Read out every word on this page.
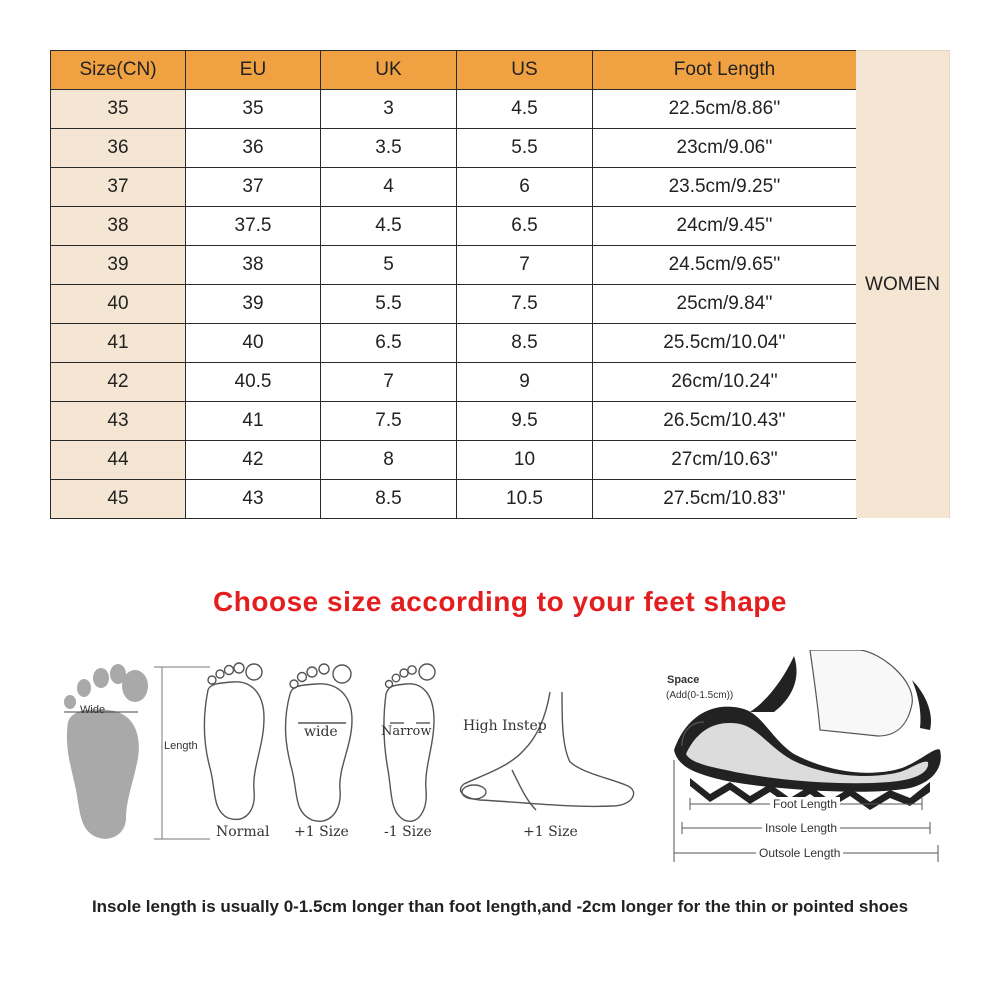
Size(CN)	EU	UK	US	Foot Length
35	35	3	4.5	22.5cm/8.86''
36	36	3.5	5.5	23cm/9.06''
37	37	4	6	23.5cm/9.25''
38	37.5	4.5	6.5	24cm/9.45''
39	38	5	7	24.5cm/9.65''
40	39	5.5	7.5	25cm/9.84''
41	40	6.5	8.5	25.5cm/10.04''
42	40.5	7	9	26cm/10.24''
43	41	7.5	9.5	26.5cm/10.43''
44	42	8	10	27cm/10.63''
45	43	8.5	10.5	27.5cm/10.83''
WOMEN
Choose size according to your feet shape
Wide
Length
wide	Narrow
Normal +1 Size	-1 Size
High Instep
+1 Size
Space
(Add(0-1.5cm))
Foot Length
Insole Length
Outsole Length
Insole length is usually 0-1.5cm longer than foot length,and -2cm longer for the thin or pointed shoes
